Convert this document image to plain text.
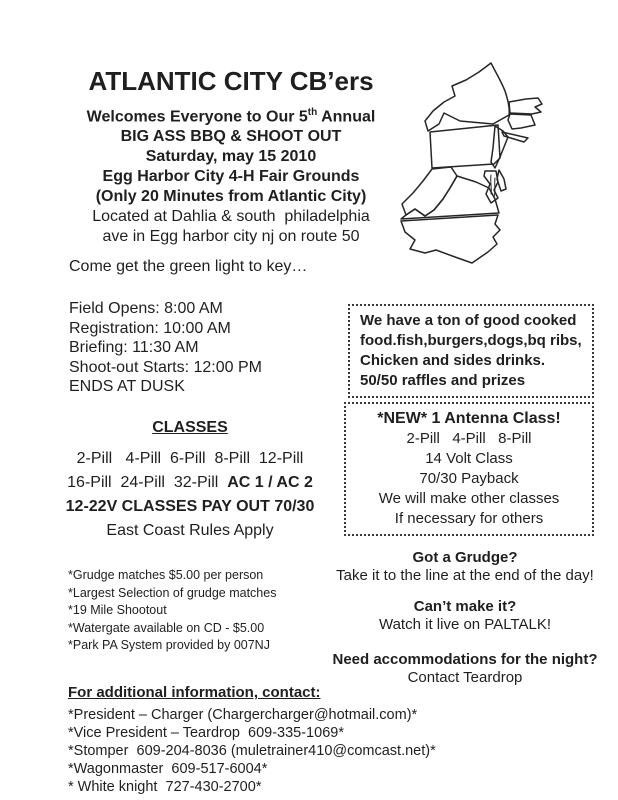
ATLANTIC CITY CB’ers
Welcomes Everyone to Our 5th Annual
BIG ASS BBQ & SHOOT OUT
Saturday, may 15 2010
Egg Harbor City 4-H Fair Grounds
(Only 20 Minutes from Atlantic City)
Located at Dahlia & south  philadelphia
ave in Egg harbor city nj on route 50
Come get the green light to key…
Field Opens: 8:00 AM
Registration: 10:00 AM
Briefing: 11:30 AM
Shoot-out Starts: 12:00 PM
ENDS AT DUSK
CLASSES
2-Pill   4-Pill  6-Pill  8-Pill  12-Pill
16-Pill  24-Pill  32-Pill  AC 1 / AC 2
12-22V CLASSES PAY OUT 70/30
East Coast Rules Apply
We have a ton of good cooked
food.fish,burgers,dogs,bq ribs,
Chicken and sides drinks.
50/50 raffles and prizes
*NEW* 1 Antenna Class!
2-Pill   4-Pill   8-Pill
14 Volt Class
70/30 Payback
We will make other classes
If necessary for others
*Grudge matches $5.00 per person
*Largest Selection of grudge matches
*19 Mile Shootout
*Watergate available on CD - $5.00
*Park PA System provided by 007NJ
Got a Grudge?
Take it to the line at the end of the day!
Can’t make it?
Watch it live on PALTALK!
Need accommodations for the night?
Contact Teardrop
For additional information, contact:
*President – Charger (Chargercharger@hotmail.com)*
*Vice President – Teardrop  609-335-1069*
*Stomper  609-204-8036 (muletrainer410@comcast.net)*
*Wagonmaster  609-517-6004*
* White knight  727-430-2700*
